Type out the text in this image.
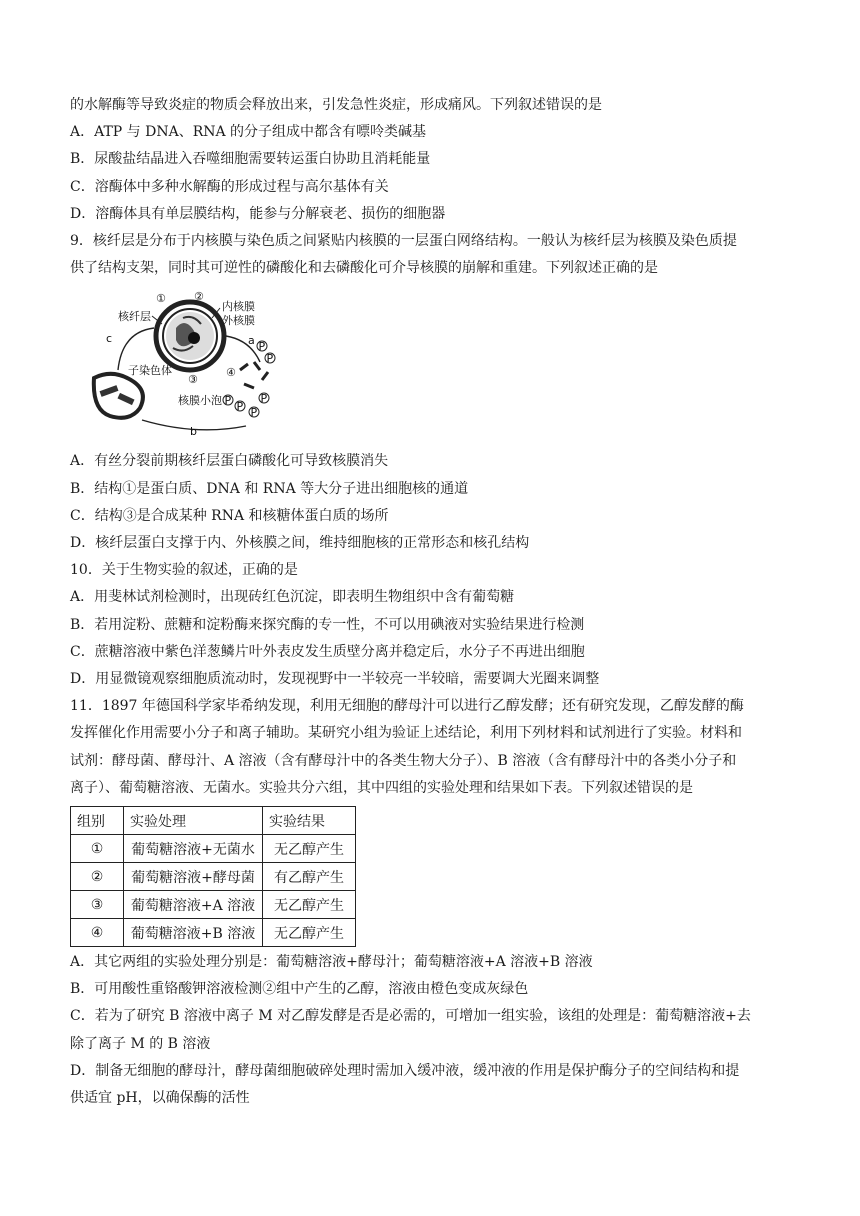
的水解酶等导致炎症的物质会释放出来，引发急性炎症，形成痛风。下列叙述错误的是

A．ATP 与 DNA、RNA 的分子组成中都含有嘌呤类碱基

B．尿酸盐结晶进入吞噬细胞需要转运蛋白协助且消耗能量

C．溶酶体中多种水解酶的形成过程与高尔基体有关

D．溶酶体具有单层膜结构，能参与分解衰老、损伤的细胞器

9．核纤层是分布于内核膜与染色质之间紧贴内核膜的一层蛋白网络结构。一般认为核纤层为核膜及染色质提

供了结构支架，同时其可逆性的磷酸化和去磷酸化可介导核膜的崩解和重建。下列叙述正确的是

①	②
内核膜
外核膜
核纤层
③
a
b
c
子染色体	④
核膜小泡
P
P
P P P
P

A．有丝分裂前期核纤层蛋白磷酸化可导致核膜消失

B．结构①是蛋白质、DNA 和 RNA 等大分子进出细胞核的通道

C．结构③是合成某种 RNA 和核糖体蛋白质的场所

D．核纤层蛋白支撑于内、外核膜之间，维持细胞核的正常形态和核孔结构

10．关于生物实验的叙述，正确的是

A．用斐林试剂检测时，出现砖红色沉淀，即表明生物组织中含有葡萄糖

B．若用淀粉、蔗糖和淀粉酶来探究酶的专一性，不可以用碘液对实验结果进行检测

C．蔗糖溶液中紫色洋葱鳞片叶外表皮发生质壁分离并稳定后，水分子不再进出细胞

D．用显微镜观察细胞质流动时，发现视野中一半较亮一半较暗，需要调大光圈来调整

11．1897 年德国科学家毕希纳发现，利用无细胞的酵母汁可以进行乙醇发酵；还有研究发现，乙醇发酵的酶

发挥催化作用需要小分子和离子辅助。某研究小组为验证上述结论，利用下列材料和试剂进行了实验。材料和

试剂：酵母菌、酵母汁、A 溶液（含有酵母汁中的各类生物大分子）、B 溶液（含有酵母汁中的各类小分子和

离子）、葡萄糖溶液、无菌水。实验共分六组，其中四组的实验处理和结果如下表。下列叙述错误的是

组别	实验处理	实验结果
①	葡萄糖溶液+无菌水	无乙醇产生
②	葡萄糖溶液+酵母菌	有乙醇产生
③	葡萄糖溶液+A 溶液	无乙醇产生
④	葡萄糖溶液+B 溶液	无乙醇产生

A．其它两组的实验处理分别是：葡萄糖溶液+酵母汁；葡萄糖溶液+A 溶液+B 溶液

B．可用酸性重铬酸钾溶液检测②组中产生的乙醇，溶液由橙色变成灰绿色

C．若为了研究 B 溶液中离子 M 对乙醇发酵是否是必需的，可增加一组实验，该组的处理是：葡萄糖溶液+去

除了离子 M 的 B 溶液

D．制备无细胞的酵母汁，酵母菌细胞破碎处理时需加入缓冲液，缓冲液的作用是保护酶分子的空间结构和提

供适宜 pH，以确保酶的活性
